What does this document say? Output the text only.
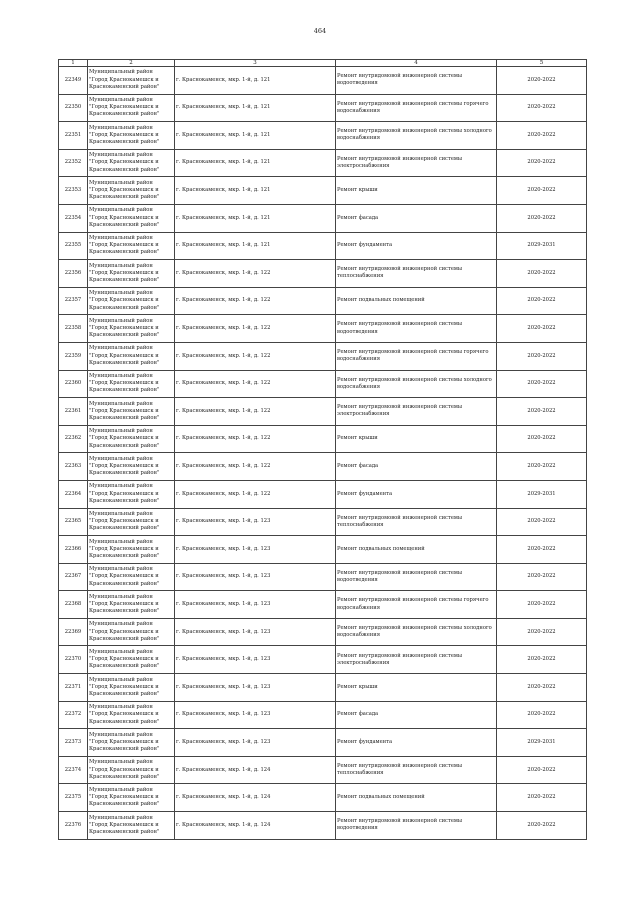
464
1	2	3	4	5
22349	Муниципальный район "Город Краснокамешск и Краснокаменский район"	г. Краснокаменск, мкр. 1-й, д. 121	Ремонт внутридомовой инженерной системы водоотведения	2020-2022
22350	Муниципальный район "Город Краснокамешск и Краснокаменский район"	г. Краснокаменск, мкр. 1-й, д. 121	Ремонт внутридомовой инженерной системы горячего водоснабжения	2020-2022
22351	Муниципальный район "Город Краснокамешск и Краснокаменский район"	г. Краснокаменск, мкр. 1-й, д. 121	Ремонт внутридомовой инженерной системы холодного водоснабжения	2020-2022
22352	Муниципальный район "Город Краснокамешск и Краснокаменский район"	г. Краснокаменск, мкр. 1-й, д. 121	Ремонт внутридомовой инженерной системы электроснабжения	2020-2022
22353	Муниципальный район "Город Краснокамешск и Краснокаменский район"	г. Краснокаменск, мкр. 1-й, д. 121	Ремонт крыши	2020-2022
22354	Муниципальный район "Город Краснокамешск и Краснокаменский район"	г. Краснокаменск, мкр. 1-й, д. 121	Ремонт фасада	2020-2022
22355	Муниципальный район "Город Краснокамешск и Краснокаменский район"	г. Краснокаменск, мкр. 1-й, д. 121	Ремонт фундамента	2029-2031
22356	Муниципальный район "Город Краснокамешск и Краснокаменский район"	г. Краснокаменск, мкр. 1-й, д. 122	Ремонт внутридомовой инженерной системы теплоснабжения	2020-2022
22357	Муниципальный район "Город Краснокамешск и Краснокаменский район"	г. Краснокаменск, мкр. 1-й, д. 122	Ремонт подвальных помещений	2020-2022
22358	Муниципальный район "Город Краснокамешск и Краснокаменский район"	г. Краснокаменск, мкр. 1-й, д. 122	Ремонт внутридомовой инженерной системы водоотведения	2020-2022
22359	Муниципальный район "Город Краснокамешск и Краснокаменский район"	г. Краснокаменск, мкр. 1-й, д. 122	Ремонт внутридомовой инженерной системы горячего водоснабжения	2020-2022
22360	Муниципальный район "Город Краснокамешск и Краснокаменский район"	г. Краснокаменск, мкр. 1-й, д. 122	Ремонт внутридомовой инженерной системы холодного водоснабжения	2020-2022
22361	Муниципальный район "Город Краснокамешск и Краснокаменский район"	г. Краснокаменск, мкр. 1-й, д. 122	Ремонт внутридомовой инженерной системы электроснабжения	2020-2022
22362	Муниципальный район "Город Краснокамешск и Краснокаменский район"	г. Краснокаменск, мкр. 1-й, д. 122	Ремонт крыши	2020-2022
22363	Муниципальный район "Город Краснокамешск и Краснокаменский район"	г. Краснокаменск, мкр. 1-й, д. 122	Ремонт фасада	2020-2022
22364	Муниципальный район "Город Краснокамешск и Краснокаменский район"	г. Краснокаменск, мкр. 1-й, д. 122	Ремонт фундамента	2029-2031
22365	Муниципальный район "Город Краснокамешск и Краснокаменский район"	г. Краснокаменск, мкр. 1-й, д. 123	Ремонт внутридомовой инженерной системы теплоснабжения	2020-2022
22366	Муниципальный район "Город Краснокамешск и Краснокаменский район"	г. Краснокаменск, мкр. 1-й, д. 123	Ремонт подвальных помещений	2020-2022
22367	Муниципальный район "Город Краснокамешск и Краснокаменский район"	г. Краснокаменск, мкр. 1-й, д. 123	Ремонт внутридомовой инженерной системы водоотведения	2020-2022
22368	Муниципальный район "Город Краснокамешск и Краснокаменский район"	г. Краснокаменск, мкр. 1-й, д. 123	Ремонт внутридомовой инженерной системы горячего водоснабжения	2020-2022
22369	Муниципальный район "Город Краснокамешск и Краснокаменский район"	г. Краснокаменск, мкр. 1-й, д. 123	Ремонт внутридомовой инженерной системы холодного водоснабжения	2020-2022
22370	Муниципальный район "Город Краснокамешск и Краснокаменский район"	г. Краснокаменск, мкр. 1-й, д. 123	Ремонт внутридомовой инженерной системы электроснабжения	2020-2022
22371	Муниципальный район "Город Краснокамешск и Краснокаменский район"	г. Краснокаменск, мкр. 1-й, д. 123	Ремонт крыши	2020-2022
22372	Муниципальный район "Город Краснокамешск и Краснокаменский район"	г. Краснокаменск, мкр. 1-й, д. 123	Ремонт фасада	2020-2022
22373	Муниципальный район "Город Краснокамешск и Краснокаменский район"	г. Краснокаменск, мкр. 1-й, д. 123	Ремонт фундамента	2029-2031
22374	Муниципальный район "Город Краснокамешск и Краснокаменский район"	г. Краснокаменск, мкр. 1-й, д. 124	Ремонт внутридомовой инженерной системы теплоснабжения	2020-2022
22375	Муниципальный район "Город Краснокамешск и Краснокаменский район"	г. Краснокаменск, мкр. 1-й, д. 124	Ремонт подвальных помещений	2020-2022
22376	Муниципальный район "Город Краснокамешск и Краснокаменский район"	г. Краснокаменск, мкр. 1-й, д. 124	Ремонт внутридомовой инженерной системы водоотведения	2020-2022
